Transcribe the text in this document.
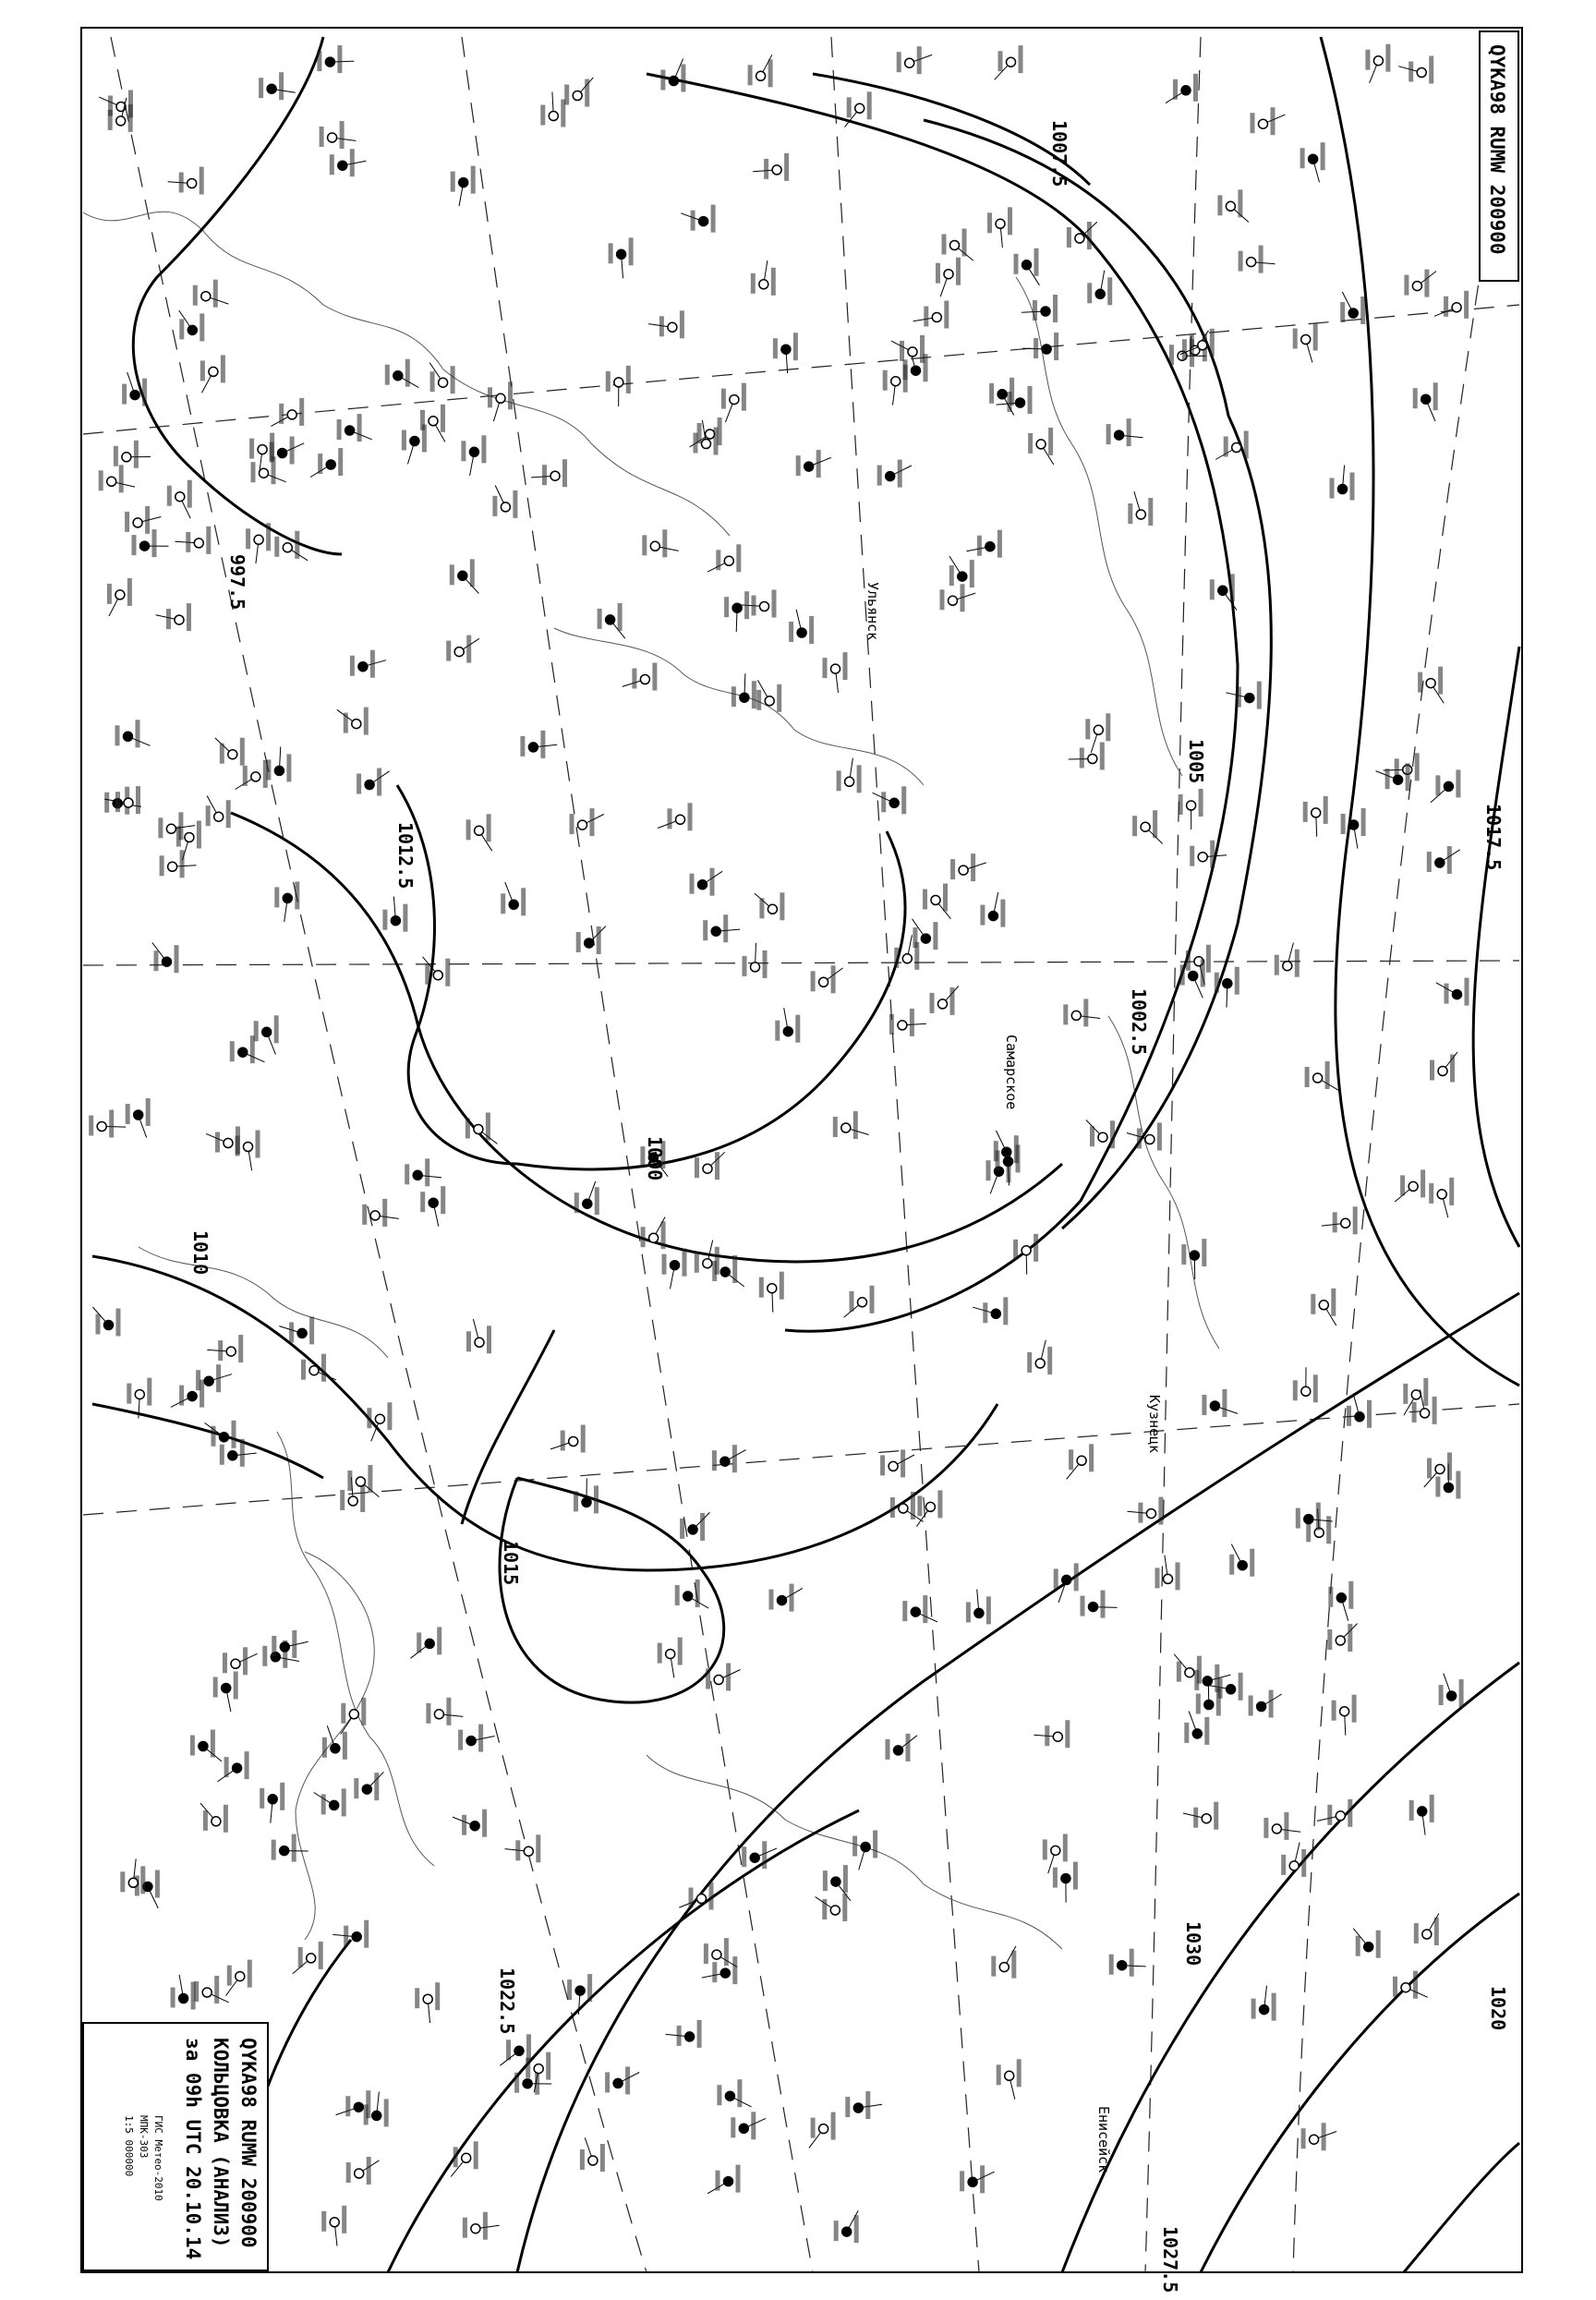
997.5
1002.5
1005
1007.5
1010
1012.5
1015
1020
1022.5
1027.5
1030
1017.5
Самарское
Ульянск
Енисейск
Кузнецк
QYKA98 RUMW 200900
QYKA98 RUMW 200900
КОЛЬЦОВКА (АНАЛИЗ)
за 09h UTC 20.10.14
ГИС Метео-2010
МПК-303
1:5 000000
